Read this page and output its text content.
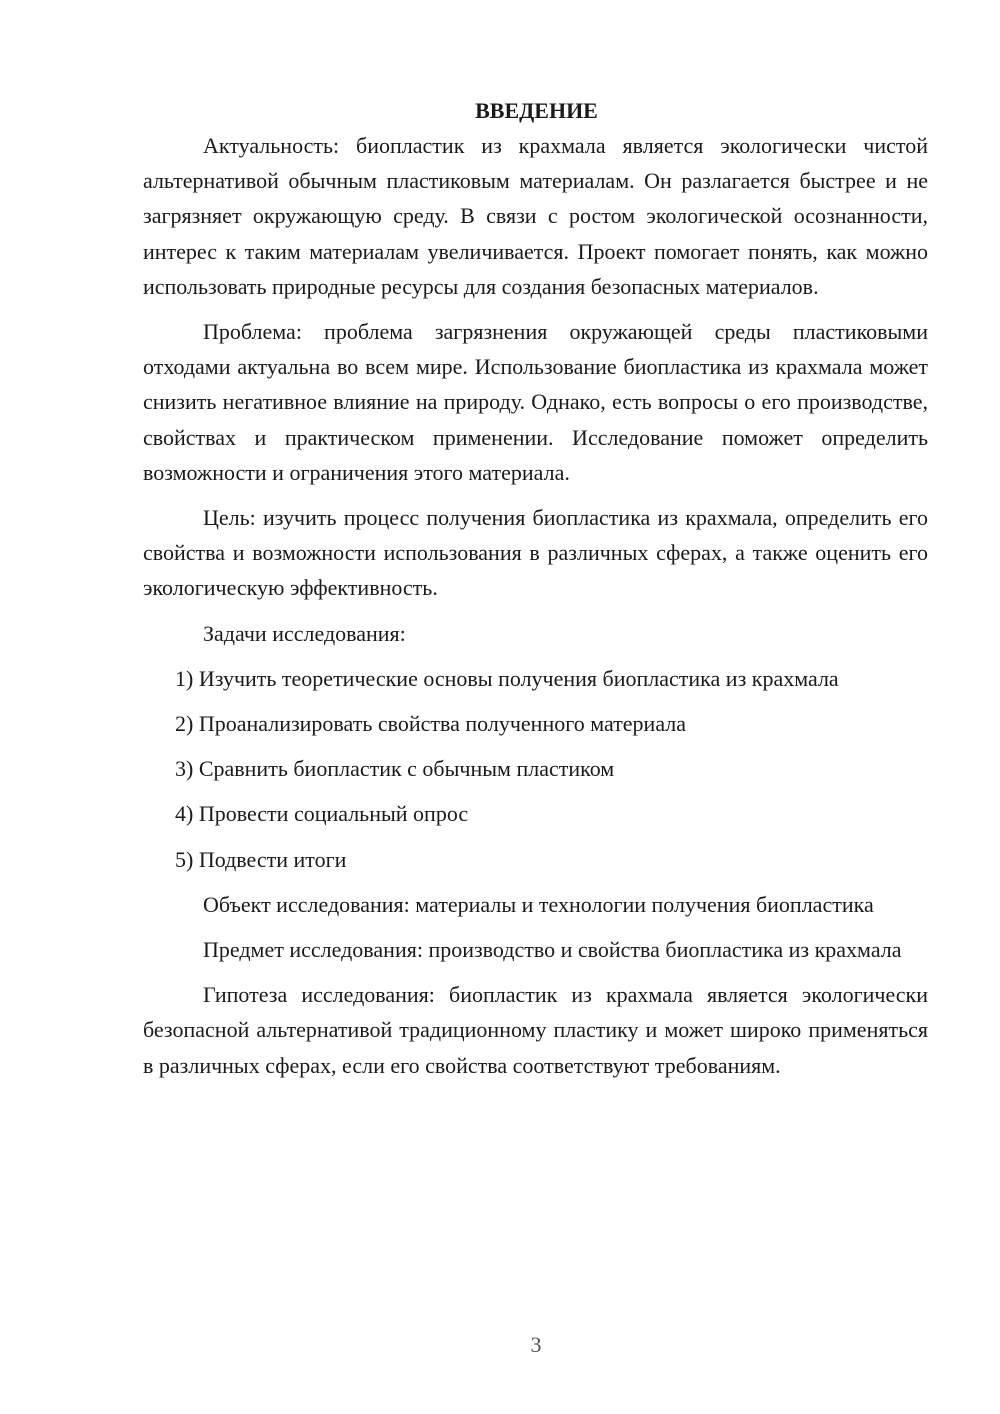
ВВЕДЕНИЕ

Актуальность: биопластик из крахмала является экологически чистой альтернативой обычным пластиковым материалам. Он разлагается быстрее и не загрязняет окружающую среду. В связи с ростом экологической осознанности, интерес к таким материалам увеличивается. Проект помогает понять, как можно использовать природные ресурсы для создания безопасных материалов.

Проблема: проблема загрязнения окружающей среды пластиковыми отходами актуальна во всем мире. Использование биопластика из крахмала может снизить негативное влияние на природу. Однако, есть вопросы о его производстве, свойствах и практическом применении. Исследование поможет определить возможности и ограничения этого материала.

Цель: изучить процесс получения биопластика из крахмала, определить его свойства и возможности использования в различных сферах, а также оценить его экологическую эффективность.

Задачи исследования:

1) Изучить теоретические основы получения биопластика из крахмала
2) Проанализировать свойства полученного материала
3) Сравнить биопластик с обычным пластиком
4) Провести социальный опрос
5) Подвести итоги

Объект исследования: материалы и технологии получения биопластика

Предмет исследования: производство и свойства биопластика из крахмала

Гипотеза исследования: биопластик из крахмала является экологически безопасной альтернативой традиционному пластику и может широко применяться в различных сферах, если его свойства соответствуют требованиям.

3
